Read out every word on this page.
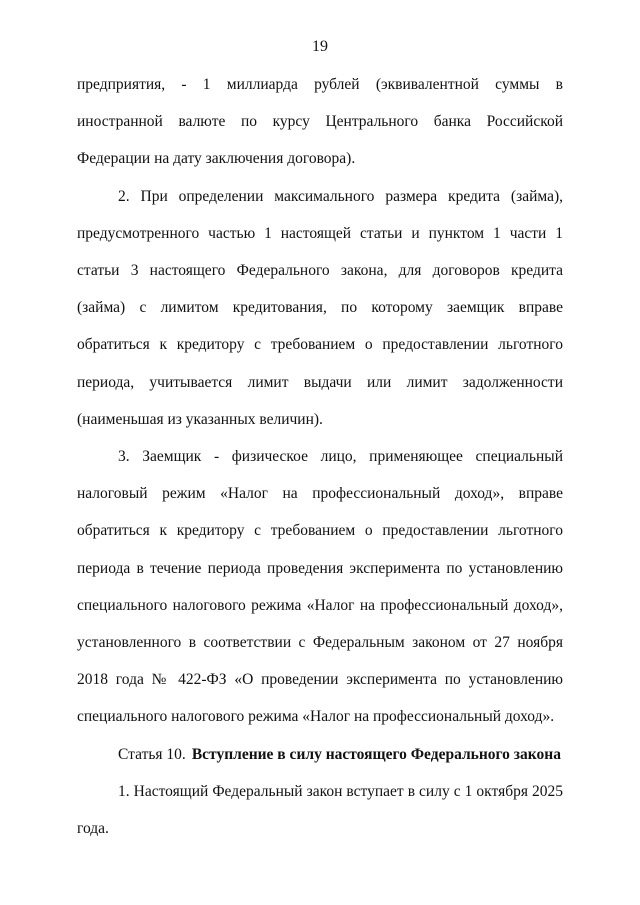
19

предприятия, - 1 миллиарда рублей (эквивалентной суммы в иностранной валюте по курсу Центрального банка Российской Федерации на дату заключения договора).

2. При определении максимального размера кредита (займа), предусмотренного частью 1 настоящей статьи и пунктом 1 части 1 статьи 3 настоящего Федерального закона, для договоров кредита (займа) с лимитом кредитования, по которому заемщик вправе обратиться к кредитору с требованием о предоставлении льготного периода, учитывается лимит выдачи или лимит задолженности (наименьшая из указанных величин).

3. Заемщик - физическое лицо, применяющее специальный налоговый режим «Налог на профессиональный доход», вправе обратиться к кредитору с требованием о предоставлении льготного периода в течение периода проведения эксперимента по установлению специального налогового режима «Налог на профессиональный доход», установленного в соответствии с Федеральным законом от 27 ноября 2018 года № 422-ФЗ «О проведении эксперимента по установлению специального налогового режима «Налог на профессиональный доход».

Статья 10. Вступление в силу настоящего Федерального закона

1. Настоящий Федеральный закон вступает в силу с 1 октября 2025 года.
